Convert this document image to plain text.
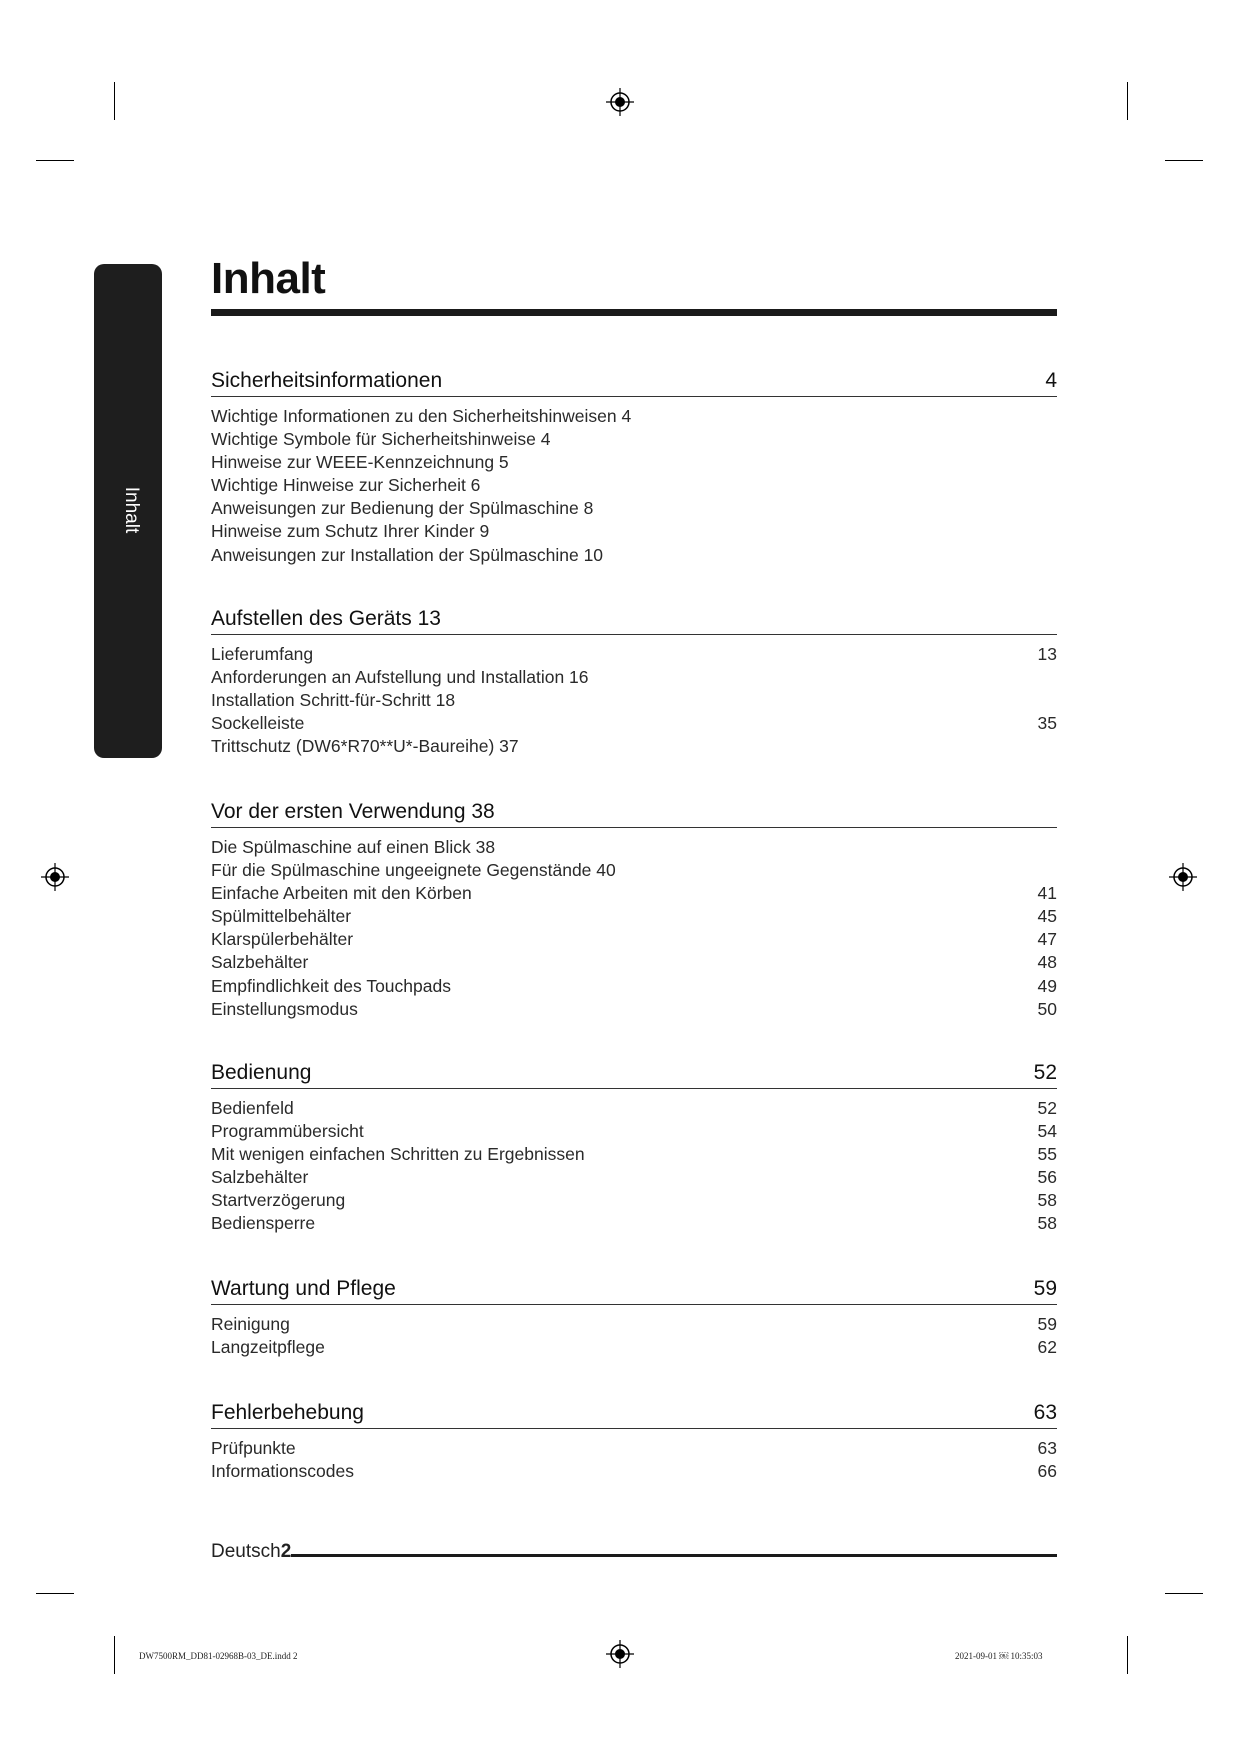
Inhalt
Inhalt
Sicherheitsinformationen	4
Wichtige Informationen zu den Sicherheitshinweisen 4
Wichtige Symbole für Sicherheitshinweise 4
Hinweise zur WEEE-Kennzeichnung 5
Wichtige Hinweise zur Sicherheit 6
Anweisungen zur Bedienung der Spülmaschine 8
Hinweise zum Schutz Ihrer Kinder 9
Anweisungen zur Installation der Spülmaschine 10
Aufstellen des Geräts 13
Lieferumfang	13
Anforderungen an Aufstellung und Installation 16
Installation Schritt-für-Schritt 18
Sockelleiste	35
Trittschutz (DW6*R70**U*-Baureihe) 37
Vor der ersten Verwendung 38
Die Spülmaschine auf einen Blick 38
Für die Spülmaschine ungeeignete Gegenstände 40
Einfache Arbeiten mit den Körben	41
Spülmittelbehälter	45
Klarspülerbehälter	47
Salzbehälter	48
Empfindlichkeit des Touchpads	49
Einstellungsmodus	50
Bedienung	52
Bedienfeld	52
Programmübersicht	54
Mit wenigen einfachen Schritten zu Ergebnissen	55
Salzbehälter	56
Startverzögerung	58
Bediensperre	58
Wartung und Pflege	59
Reinigung	59
Langzeitpflege	62
Fehlerbehebung	63
Prüfpunkte	63
Informationscodes	66
Deutsch2
DW7500RM_DD81-02968B-03_DE.indd 2	2021-09-01 ￼ 10:35:03
